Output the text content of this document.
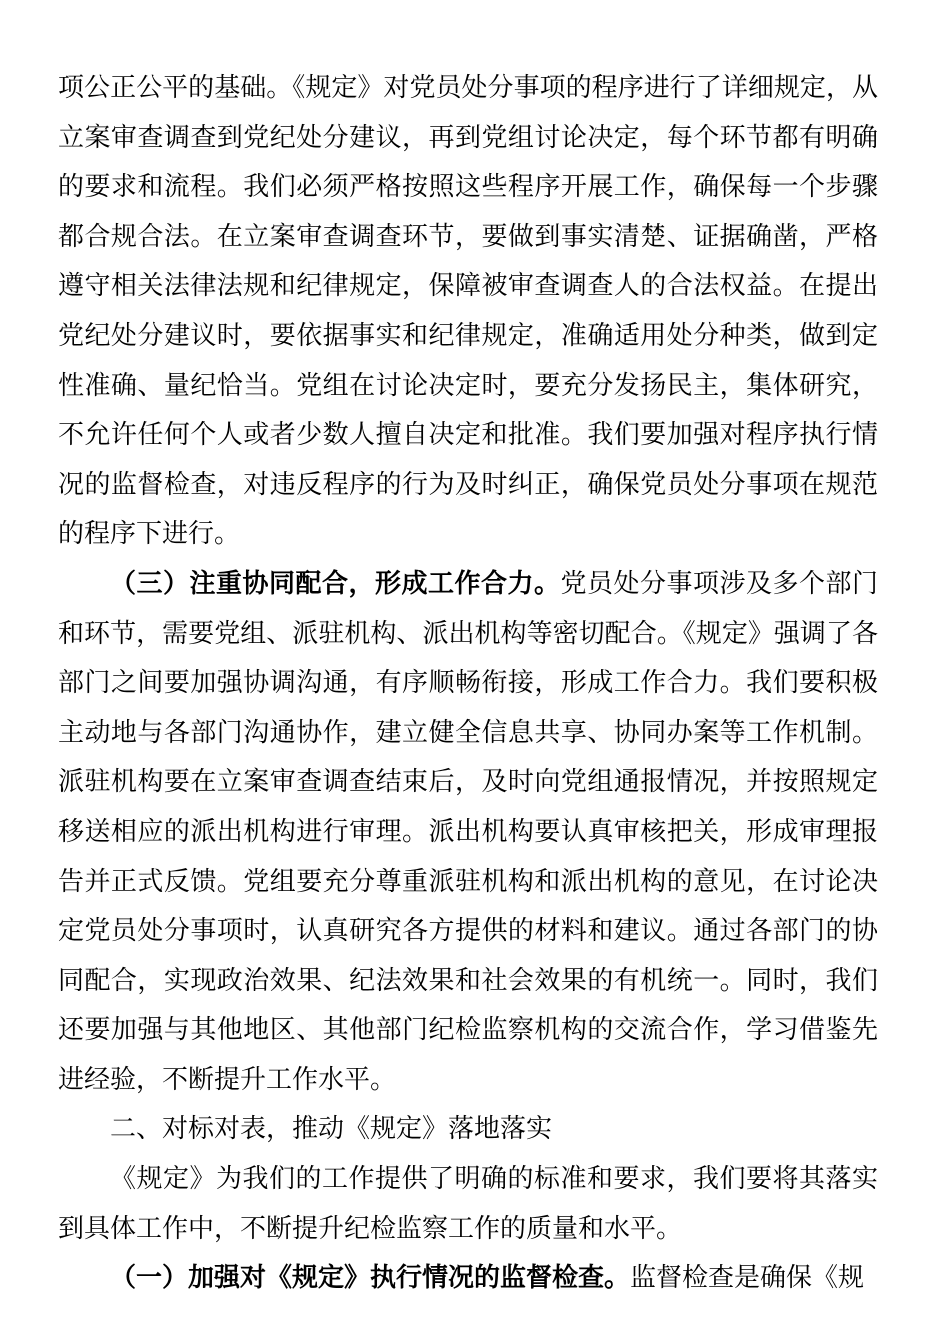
项公正公平的基础。《规定》对党员处分事项的程序进行了详细规定，从立案审查调查到党纪处分建议，再到党组讨论决定，每个环节都有明确的要求和流程。我们必须严格按照这些程序开展工作，确保每一个步骤都合规合法。在立案审查调查环节，要做到事实清楚、证据确凿，严格遵守相关法律法规和纪律规定，保障被审查调查人的合法权益。在提出党纪处分建议时，要依据事实和纪律规定，准确适用处分种类，做到定性准确、量纪恰当。党组在讨论决定时，要充分发扬民主，集体研究，不允许任何个人或者少数人擅自决定和批准。我们要加强对程序执行情况的监督检查，对违反程序的行为及时纠正，确保党员处分事项在规范的程序下进行。

（三）注重协同配合，形成工作合力。党员处分事项涉及多个部门和环节，需要党组、派驻机构、派出机构等密切配合。《规定》强调了各部门之间要加强协调沟通，有序顺畅衔接，形成工作合力。我们要积极主动地与各部门沟通协作，建立健全信息共享、协同办案等工作机制。派驻机构要在立案审查调查结束后，及时向党组通报情况，并按照规定移送相应的派出机构进行审理。派出机构要认真审核把关，形成审理报告并正式反馈。党组要充分尊重派驻机构和派出机构的意见，在讨论决定党员处分事项时，认真研究各方提供的材料和建议。通过各部门的协同配合，实现政治效果、纪法效果和社会效果的有机统一。同时，我们还要加强与其他地区、其他部门纪检监察机构的交流合作，学习借鉴先进经验，不断提升工作水平。

二、对标对表，推动《规定》落地落实

《规定》为我们的工作提供了明确的标准和要求，我们要将其落实到具体工作中，不断提升纪检监察工作的质量和水平。

（一）加强对《规定》执行情况的监督检查。监督检查是确保《规
